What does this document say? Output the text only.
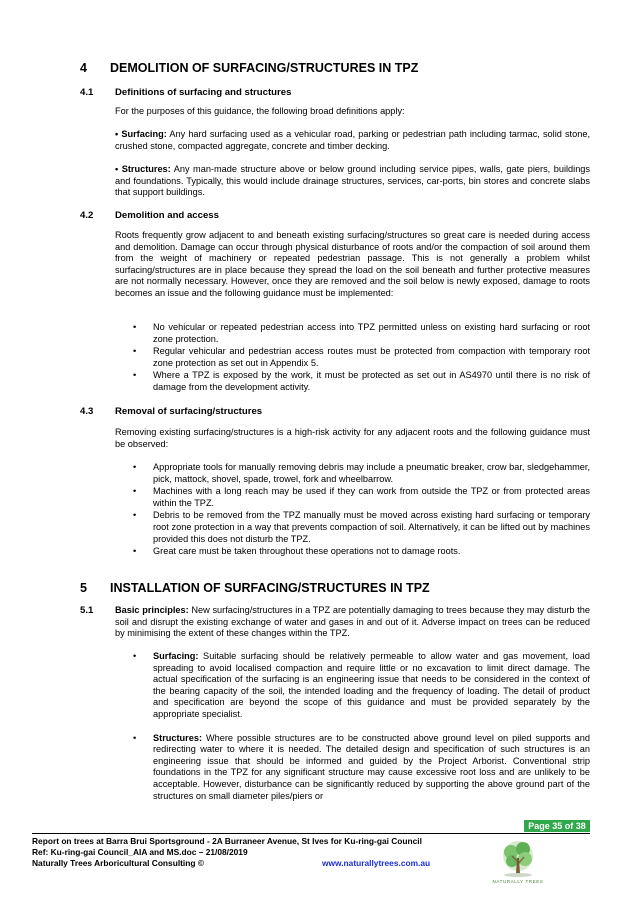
4 DEMOLITION OF SURFACING/STRUCTURES IN TPZ
4.1 Definitions of surfacing and structures
For the purposes of this guidance, the following broad definitions apply:
• Surfacing: Any hard surfacing used as a vehicular road, parking or pedestrian path including tarmac, solid stone, crushed stone, compacted aggregate, concrete and timber decking.
• Structures: Any man-made structure above or below ground including service pipes, walls, gate piers, buildings and foundations. Typically, this would include drainage structures, services, car-ports, bin stores and concrete slabs that support buildings.
4.2 Demolition and access
Roots frequently grow adjacent to and beneath existing surfacing/structures so great care is needed during access and demolition. Damage can occur through physical disturbance of roots and/or the compaction of soil around them from the weight of machinery or repeated pedestrian passage. This is not generally a problem whilst surfacing/structures are in place because they spread the load on the soil beneath and further protective measures are not normally necessary. However, once they are removed and the soil below is newly exposed, damage to roots becomes an issue and the following guidance must be implemented:
• No vehicular or repeated pedestrian access into TPZ permitted unless on existing hard surfacing or root zone protection.
• Regular vehicular and pedestrian access routes must be protected from compaction with temporary root zone protection as set out in Appendix 5.
• Where a TPZ is exposed by the work, it must be protected as set out in AS4970 until there is no risk of damage from the development activity.
4.3 Removal of surfacing/structures
Removing existing surfacing/structures is a high-risk activity for any adjacent roots and the following guidance must be observed:
• Appropriate tools for manually removing debris may include a pneumatic breaker, crow bar, sledgehammer, pick, mattock, shovel, spade, trowel, fork and wheelbarrow.
• Machines with a long reach may be used if they can work from outside the TPZ or from protected areas within the TPZ.
• Debris to be removed from the TPZ manually must be moved across existing hard surfacing or temporary root zone protection in a way that prevents compaction of soil. Alternatively, it can be lifted out by machines provided this does not disturb the TPZ.
• Great care must be taken throughout these operations not to damage roots.
5 INSTALLATION OF SURFACING/STRUCTURES IN TPZ
5.1 Basic principles: New surfacing/structures in a TPZ are potentially damaging to trees because they may disturb the soil and disrupt the existing exchange of water and gases in and out of it. Adverse impact on trees can be reduced by minimising the extent of these changes within the TPZ.
• Surfacing: Suitable surfacing should be relatively permeable to allow water and gas movement, load spreading to avoid localised compaction and require little or no excavation to limit direct damage. The actual specification of the surfacing is an engineering issue that needs to be considered in the context of the bearing capacity of the soil, the intended loading and the frequency of loading. The detail of product and specification are beyond the scope of this guidance and must be provided separately by the appropriate specialist.
• Structures: Where possible structures are to be constructed above ground level on piled supports and redirecting water to where it is needed. The detailed design and specification of such structures is an engineering issue that should be informed and guided by the Project Arborist. Conventional strip foundations in the TPZ for any significant structure may cause excessive root loss and are unlikely to be acceptable. However, disturbance can be significantly reduced by supporting the above ground part of the structures on small diameter piles/piers or
Page 35 of 38
Report on trees at Barra Brui Sportsground - 2A Burraneer Avenue, St Ives for Ku-ring-gai Council
Ref: Ku-ring-gai Council_AIA and MS.doc – 21/08/2019
Naturally Trees Arboricultural Consulting ©	www.naturallytrees.com.au
NATURALLY TREES
